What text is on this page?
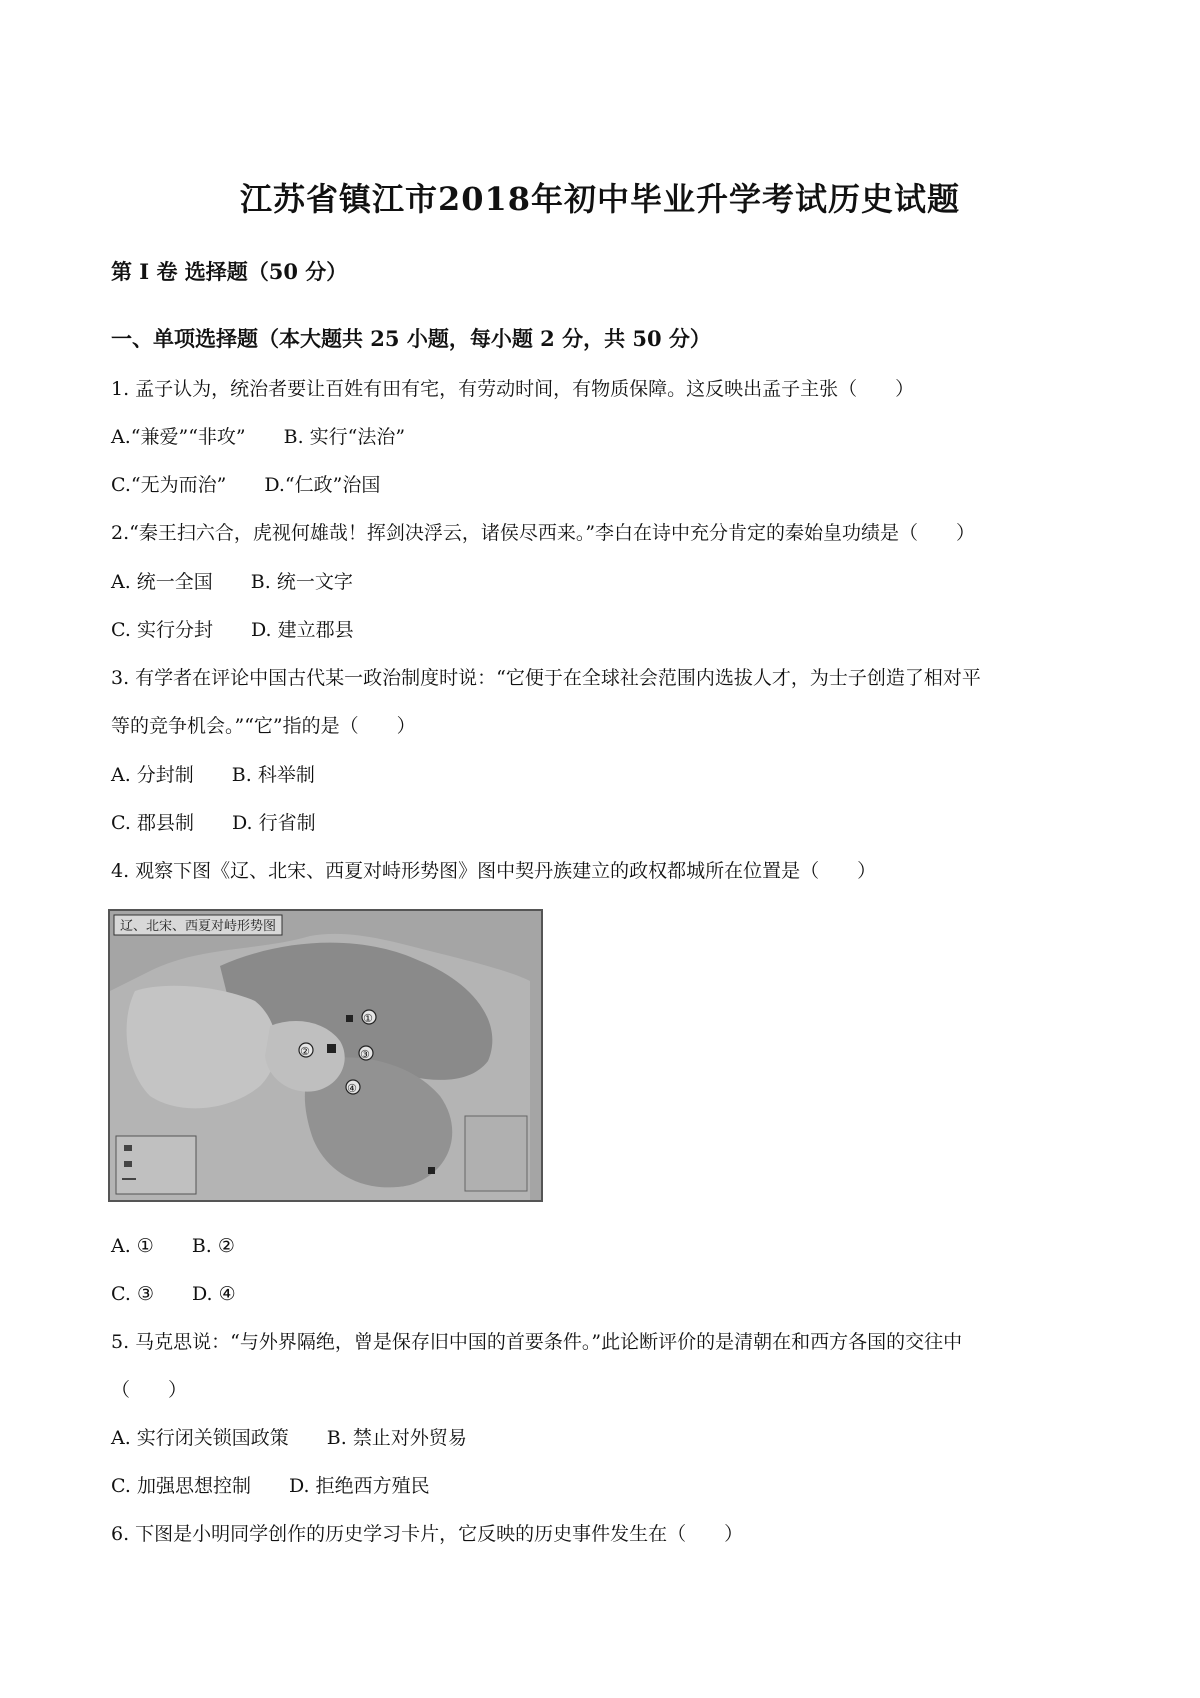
江苏省镇江市2018年初中毕业升学考试历史试题
第 I 卷 选择题（50 分）
一、单项选择题（本大题共 25 小题，每小题 2 分，共 50 分）
1. 孟子认为，统治者要让百姓有田有宅，有劳动时间，有物质保障。这反映出孟子主张（　　）
A.“兼爱”“非攻”　　B. 实行“法治”
C.“无为而治”　　D.“仁政”治国
2.“秦王扫六合，虎视何雄哉！挥剑决浮云，诸侯尽西来。”李白在诗中充分肯定的秦始皇功绩是（　　）
A. 统一全国　　B. 统一文字
C. 实行分封　　D. 建立郡县
3. 有学者在评论中国古代某一政治制度时说：“它便于在全球社会范围内选拔人才，为士子创造了相对平
等的竞争机会。”“它”指的是（　　）
A. 分封制　　B. 科举制
C. 郡县制　　D. 行省制
4. 观察下图《辽、北宋、西夏对峙形势图》图中契丹族建立的政权都城所在位置是（　　）
辽、北宋、西夏对峙形势图
①
②	③
④
A. ①　　B. ②
C. ③　　D. ④
5. 马克思说：“与外界隔绝，曾是保存旧中国的首要条件。”此论断评价的是清朝在和西方各国的交往中
（　　）
A. 实行闭关锁国政策　　B. 禁止对外贸易
C. 加强思想控制　　D. 拒绝西方殖民
6. 下图是小明同学创作的历史学习卡片，它反映的历史事件发生在（　　）
